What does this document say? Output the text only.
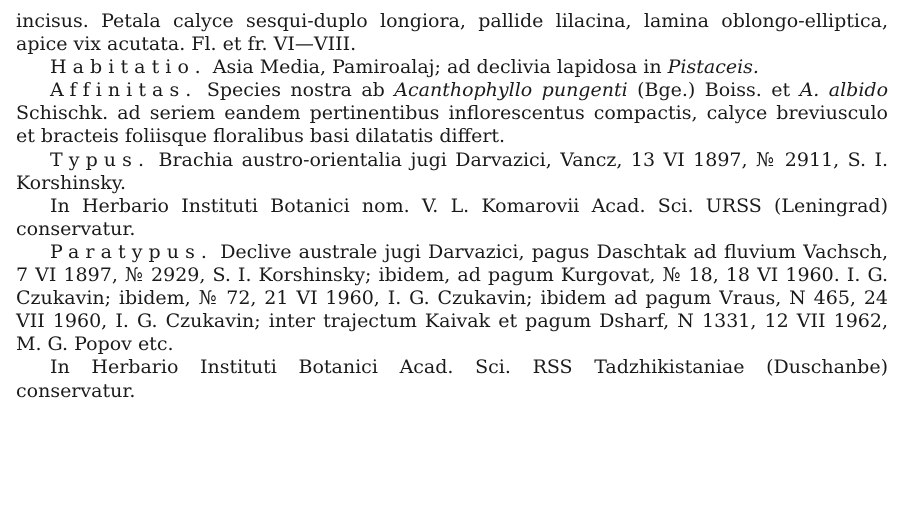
incisus. Petala calyce sesqui-duplo longiora, pallide lilacina, lamina oblongo-elliptica, apice vix acutata. Fl. et fr. VI—VIII.

Habitatio. Asia Media, Pamiroalaj; ad declivia lapidosa in Pistaceis.

Affinitas. Species nostra ab Acanthophyllo pungenti (Bge.) Boiss. et A. albido Schischk. ad seriem eandem pertinentibus inflorescentus compactis, calyce breviusculo et bracteis foliisque floralibus basi dilatatis differt.

Typus. Brachia austro-orientalia jugi Darvazici, Vancz, 13 VI 1897, № 2911, S. I. Korshinsky.

In Herbario Instituti Botanici nom. V. L. Komarovii Acad. Sci. URSS (Leningrad) conservatur.

Paratypus. Declive australe jugi Darvazici, pagus Daschtak ad fluvium Vachsch, 7 VI 1897, № 2929, S. I. Korshinsky; ibidem, ad pagum Kurgovat, № 18, 18 VI 1960. I. G. Czukavin; ibidem, № 72, 21 VI 1960, I. G. Czukavin; ibidem ad pagum Vraus, N 465, 24 VII 1960, I. G. Czukavin; inter trajectum Kaivak et pagum Dsharf, N 1331, 12 VII 1962, M. G. Popov etc.

In Herbario Instituti Botanici Acad. Sci. RSS Tadzhikistaniae (Duschanbe) conservatur.
